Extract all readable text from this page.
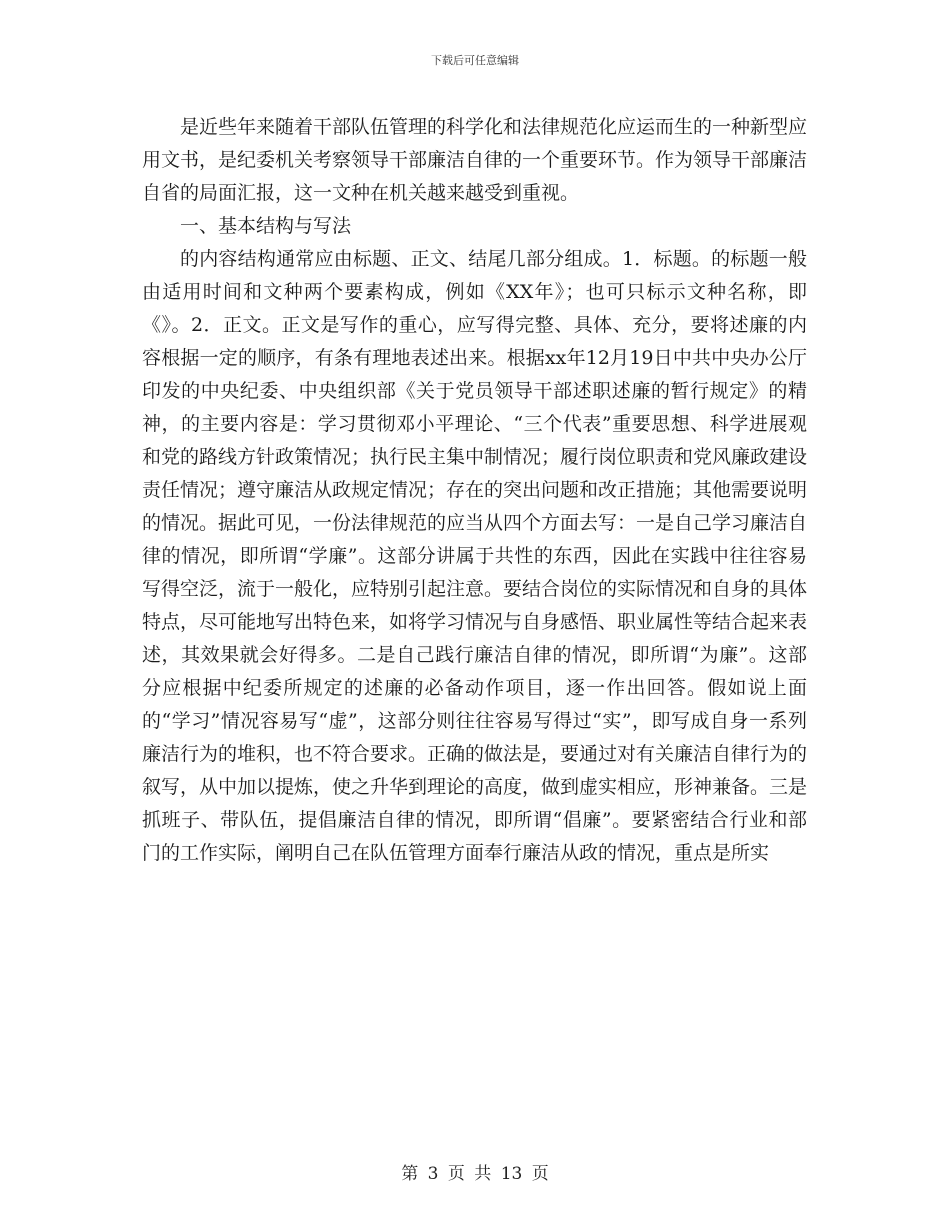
下载后可任意编辑

是近些年来随着干部队伍管理的科学化和法律规范化应运而生的一种新型应用文书，是纪委机关考察领导干部廉洁自律的一个重要环节。作为领导干部廉洁自省的局面汇报，这一文种在机关越来越受到重视。

一、基本结构与写法

的内容结构通常应由标题、正文、结尾几部分组成。1．标题。的标题一般由适用时间和文种两个要素构成，例如《XX年》；也可只标示文种名称，即《》。2．正文。正文是写作的重心，应写得完整、具体、充分，要将述廉的内容根据一定的顺序，有条有理地表述出来。根据xx年12月19日中共中央办公厅印发的中央纪委、中央组织部《关于党员领导干部述职述廉的暂行规定》的精神，的主要内容是：学习贯彻邓小平理论、“三个代表”重要思想、科学进展观和党的路线方针政策情况；执行民主集中制情况；履行岗位职责和党风廉政建设责任情况；遵守廉洁从政规定情况；存在的突出问题和改正措施；其他需要说明的情况。据此可见，一份法律规范的应当从四个方面去写：一是自己学习廉洁自律的情况，即所谓“学廉”。这部分讲属于共性的东西，因此在实践中往往容易写得空泛，流于一般化，应特别引起注意。要结合岗位的实际情况和自身的具体特点，尽可能地写出特色来，如将学习情况与自身感悟、职业属性等结合起来表述，其效果就会好得多。二是自己践行廉洁自律的情况，即所谓“为廉”。这部分应根据中纪委所规定的述廉的必备动作项目，逐一作出回答。假如说上面的“学习”情况容易写“虚”，这部分则往往容易写得过“实”，即写成自身一系列廉洁行为的堆积，也不符合要求。正确的做法是，要通过对有关廉洁自律行为的叙写，从中加以提炼，使之升华到理论的高度，做到虚实相应，形神兼备。三是抓班子、带队伍，提倡廉洁自律的情况，即所谓“倡廉”。要紧密结合行业和部门的工作实际，阐明自己在队伍管理方面奉行廉洁从政的情况，重点是所实

第 3 页 共 13 页
